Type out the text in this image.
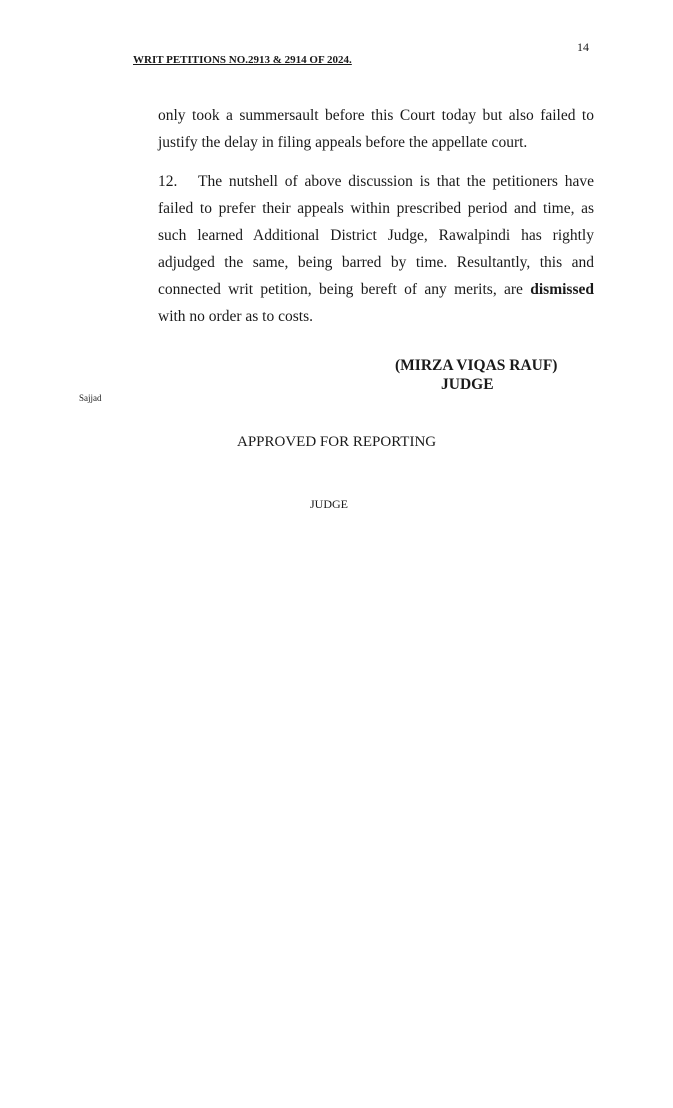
14
WRIT PETITIONS NO.2913 & 2914 OF 2024.

only took a summersault before this Court today but also failed to justify the delay in filing appeals before the appellate court.

12. The nutshell of above discussion is that the petitioners have failed to prefer their appeals within prescribed period and time, as such learned Additional District Judge, Rawalpindi has rightly adjudged the same, being barred by time. Resultantly, this and connected writ petition, being bereft of any merits, are dismissed with no order as to costs.

(MIRZA VIQAS RAUF)
JUDGE
Sajjad
APPROVED FOR REPORTING
JUDGE
